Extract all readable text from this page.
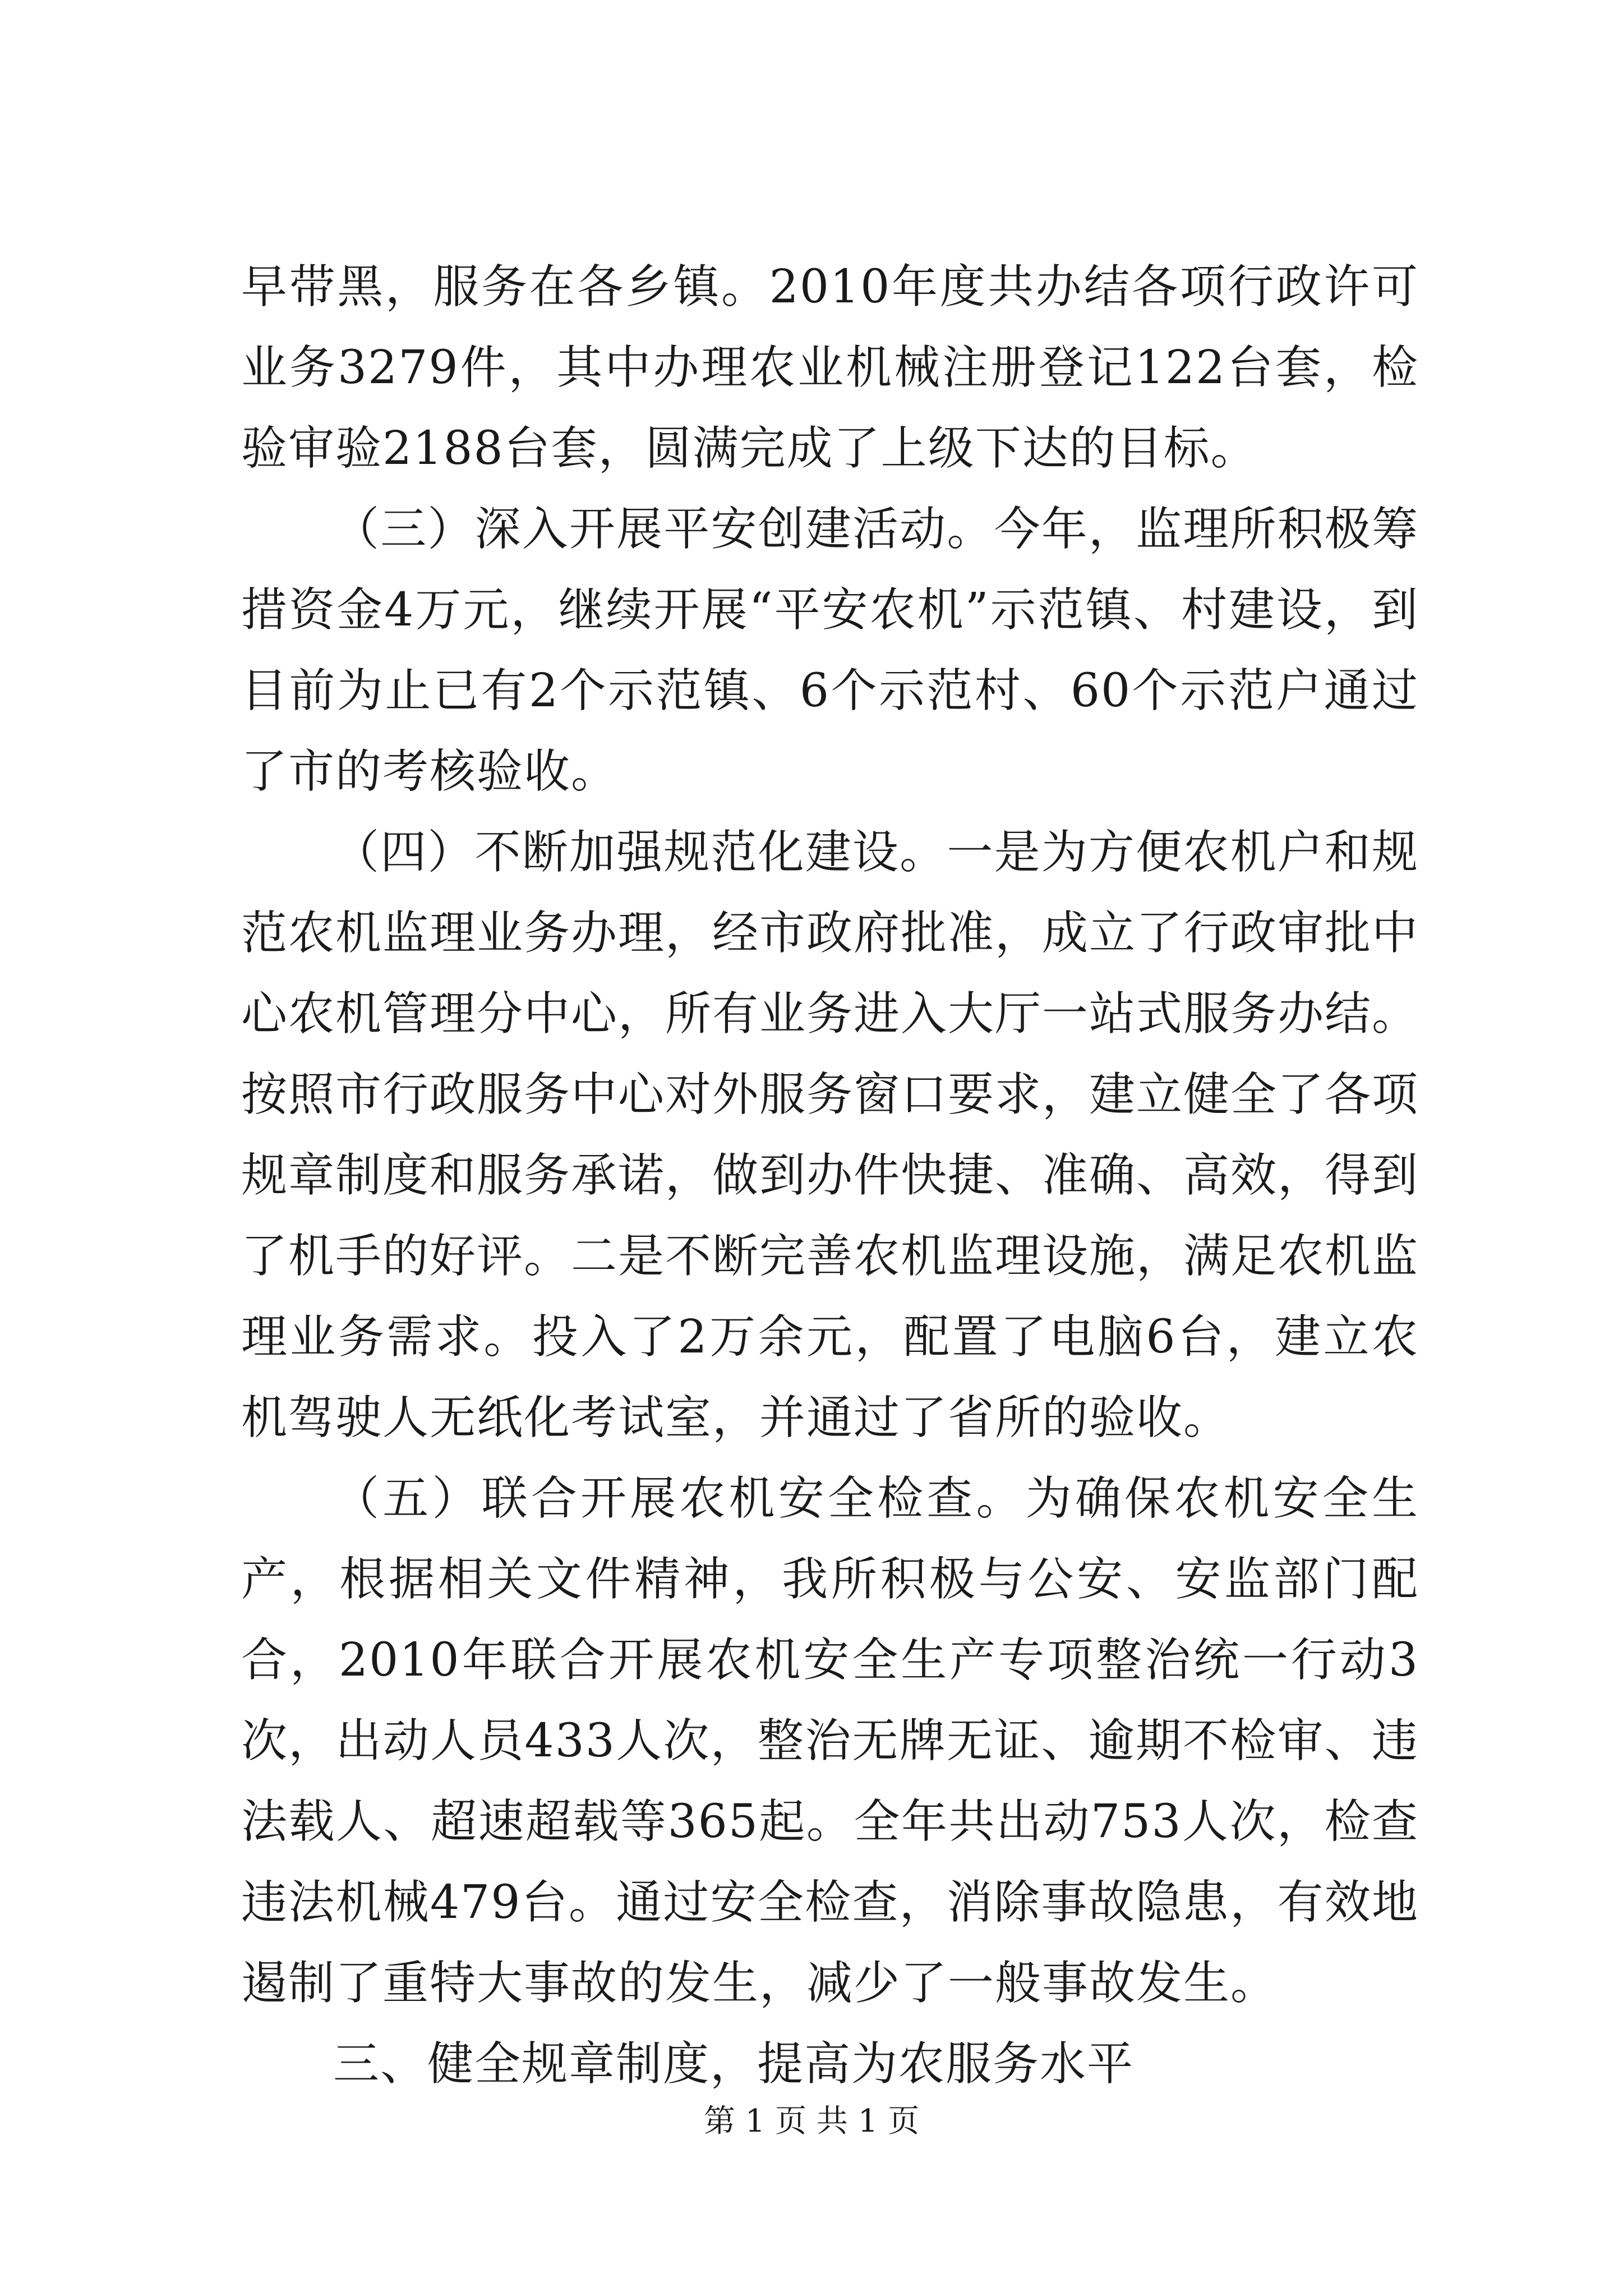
早带黑，服务在各乡镇。2010年度共办结各项行政许可业务3279件，其中办理农业机械注册登记122台套，检验审验2188台套，圆满完成了上级下达的目标。

（三）深入开展平安创建活动。今年，监理所积极筹措资金4万元，继续开展“平安农机”示范镇、村建设，到目前为止已有2个示范镇、6个示范村、60个示范户通过了市的考核验收。

（四）不断加强规范化建设。一是为方便农机户和规范农机监理业务办理，经市政府批准，成立了行政审批中心农机管理分中心，所有业务进入大厅一站式服务办结。按照市行政服务中心对外服务窗口要求，建立健全了各项规章制度和服务承诺，做到办件快捷、准确、高效，得到了机手的好评。二是不断完善农机监理设施，满足农机监理业务需求。投入了2万余元，配置了电脑6台，建立农机驾驶人无纸化考试室，并通过了省所的验收。

（五）联合开展农机安全检查。为确保农机安全生产，根据相关文件精神，我所积极与公安、安监部门配合，2010年联合开展农机安全生产专项整治统一行动3次，出动人员433人次，整治无牌无证、逾期不检审、违法载人、超速超载等365起。全年共出动753人次，检查违法机械479台。通过安全检查，消除事故隐患，有效地遏制了重特大事故的发生，减少了一般事故发生。

三、健全规章制度，提高为农服务水平

第 1 页 共 1 页
